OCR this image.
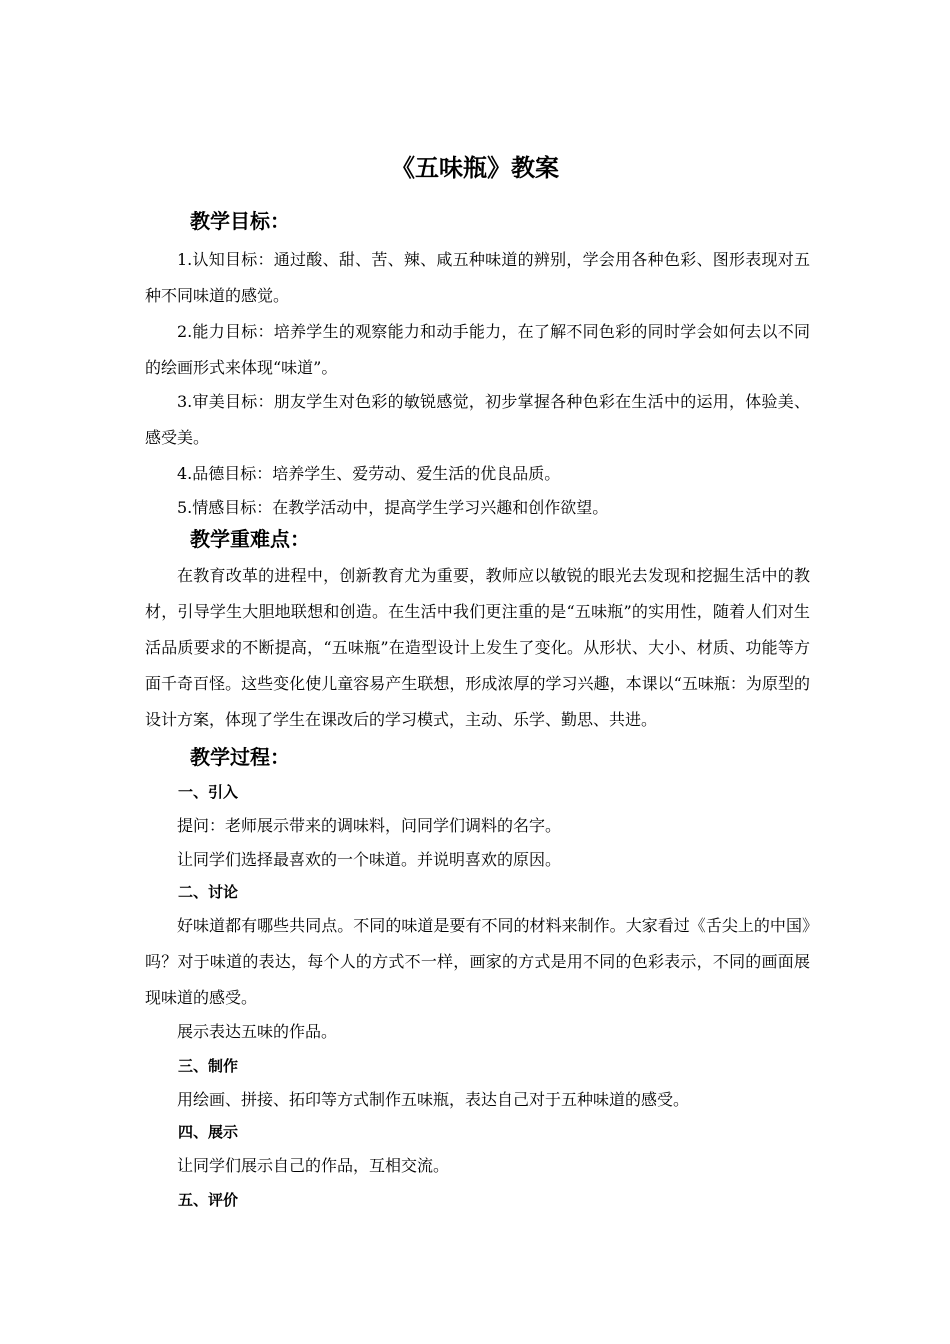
《五味瓶》教案
教学目标：

1.认知目标：通过酸、甜、苦、辣、咸五种味道的辨别，学会用各种色彩、图形表现对五种不同味道的感觉。

2.能力目标：培养学生的观察能力和动手能力，在了解不同色彩的同时学会如何去以不同的绘画形式来体现“味道”。

3.审美目标：朋友学生对色彩的敏锐感觉，初步掌握各种色彩在生活中的运用，体验美、感受美。

4.品德目标：培养学生、爱劳动、爱生活的优良品质。

5.情感目标：在教学活动中，提高学生学习兴趣和创作欲望。

教学重难点：

在教育改革的进程中，创新教育尤为重要，教师应以敏锐的眼光去发现和挖掘生活中的教材，引导学生大胆地联想和创造。在生活中我们更注重的是“五味瓶”的实用性，随着人们对生活品质要求的不断提高，“五味瓶”在造型设计上发生了变化。从形状、大小、材质、功能等方面千奇百怪。这些变化使儿童容易产生联想，形成浓厚的学习兴趣，本课以“五味瓶：为原型的设计方案，体现了学生在课改后的学习模式，主动、乐学、勤思、共进。

教学过程：
一、引入

提问：老师展示带来的调味料，问同学们调料的名字。

让同学们选择最喜欢的一个味道。并说明喜欢的原因。

二、讨论

好味道都有哪些共同点。不同的味道是要有不同的材料来制作。大家看过《舌尖上的中国》吗？对于味道的表达，每个人的方式不一样，画家的方式是用不同的色彩表示，不同的画面展现味道的感受。

展示表达五味的作品。

三、制作

用绘画、拼接、拓印等方式制作五味瓶，表达自己对于五种味道的感受。

四、展示

让同学们展示自己的作品，互相交流。

五、评价
